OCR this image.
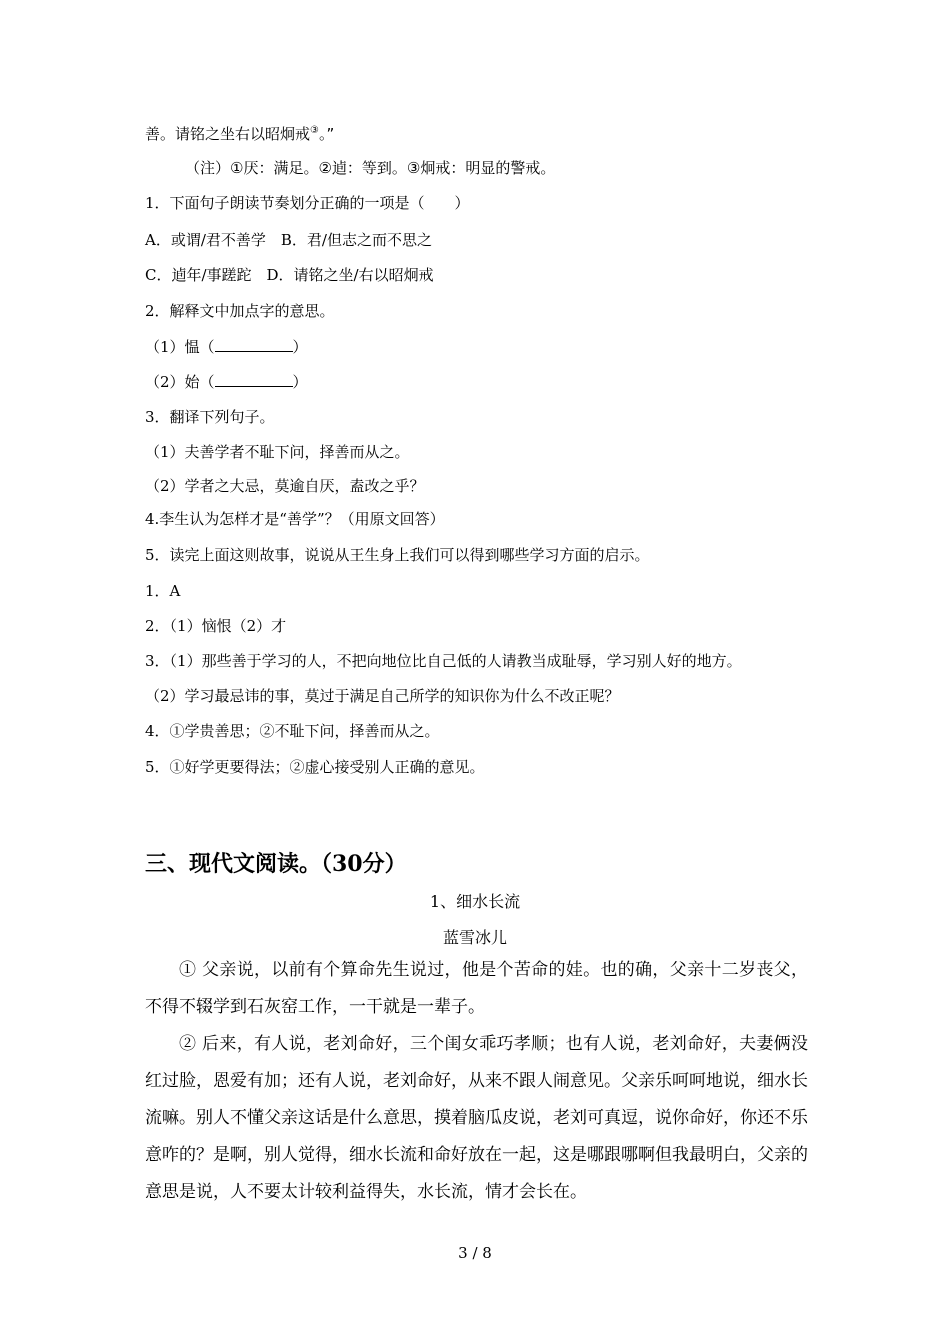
善。请铭之坐右以昭炯戒③。”
（注）①厌：满足。②逌：等到。③炯戒：明显的警戒。
1．下面句子朗读节奏划分正确的一项是（　　）
A．或谓/君不善学　B．君/但志之而不思之
C．逌年/事蹉跎　D．请铭之坐/右以昭炯戒
2．解释文中加点字的意思。
（1）愠（	）
（2）始（	）
3．翻译下列句子。
（1）夫善学者不耻下问，择善而从之。
（2）学者之大忌，莫逾自厌，盍改之乎？
4.李生认为怎样才是“善学”？（用原文回答）
5．读完上面这则故事，说说从王生身上我们可以得到哪些学习方面的启示。
1．A
2．（1）恼恨（2）才
3．（1）那些善于学习的人，不把向地位比自己低的人请教当成耻辱，学习别人好的地方。
（2）学习最忌讳的事，莫过于满足自己所学的知识你为什么不改正呢？
4．①学贵善思；②不耻下问，择善而从之。
5．①好学更要得法；②虚心接受别人正确的意见。
三、现代文阅读。（30分）
1、细水长流
蓝雪冰儿

① 父亲说，以前有个算命先生说过，他是个苦命的娃。也的确，父亲十二岁丧父，不得不辍学到石灰窑工作，一干就是一辈子。

② 后来，有人说，老刘命好，三个闺女乖巧孝顺；也有人说，老刘命好，夫妻俩没红过脸，恩爱有加；还有人说，老刘命好，从来不跟人闹意见。父亲乐呵呵地说，细水长流嘛。别人不懂父亲这话是什么意思，摸着脑瓜皮说，老刘可真逗，说你命好，你还不乐意咋的？是啊，别人觉得，细水长流和命好放在一起，这是哪跟哪啊但我最明白，父亲的意思是说，人不要太计较利益得失，水长流，情才会长在。

3 / 8
